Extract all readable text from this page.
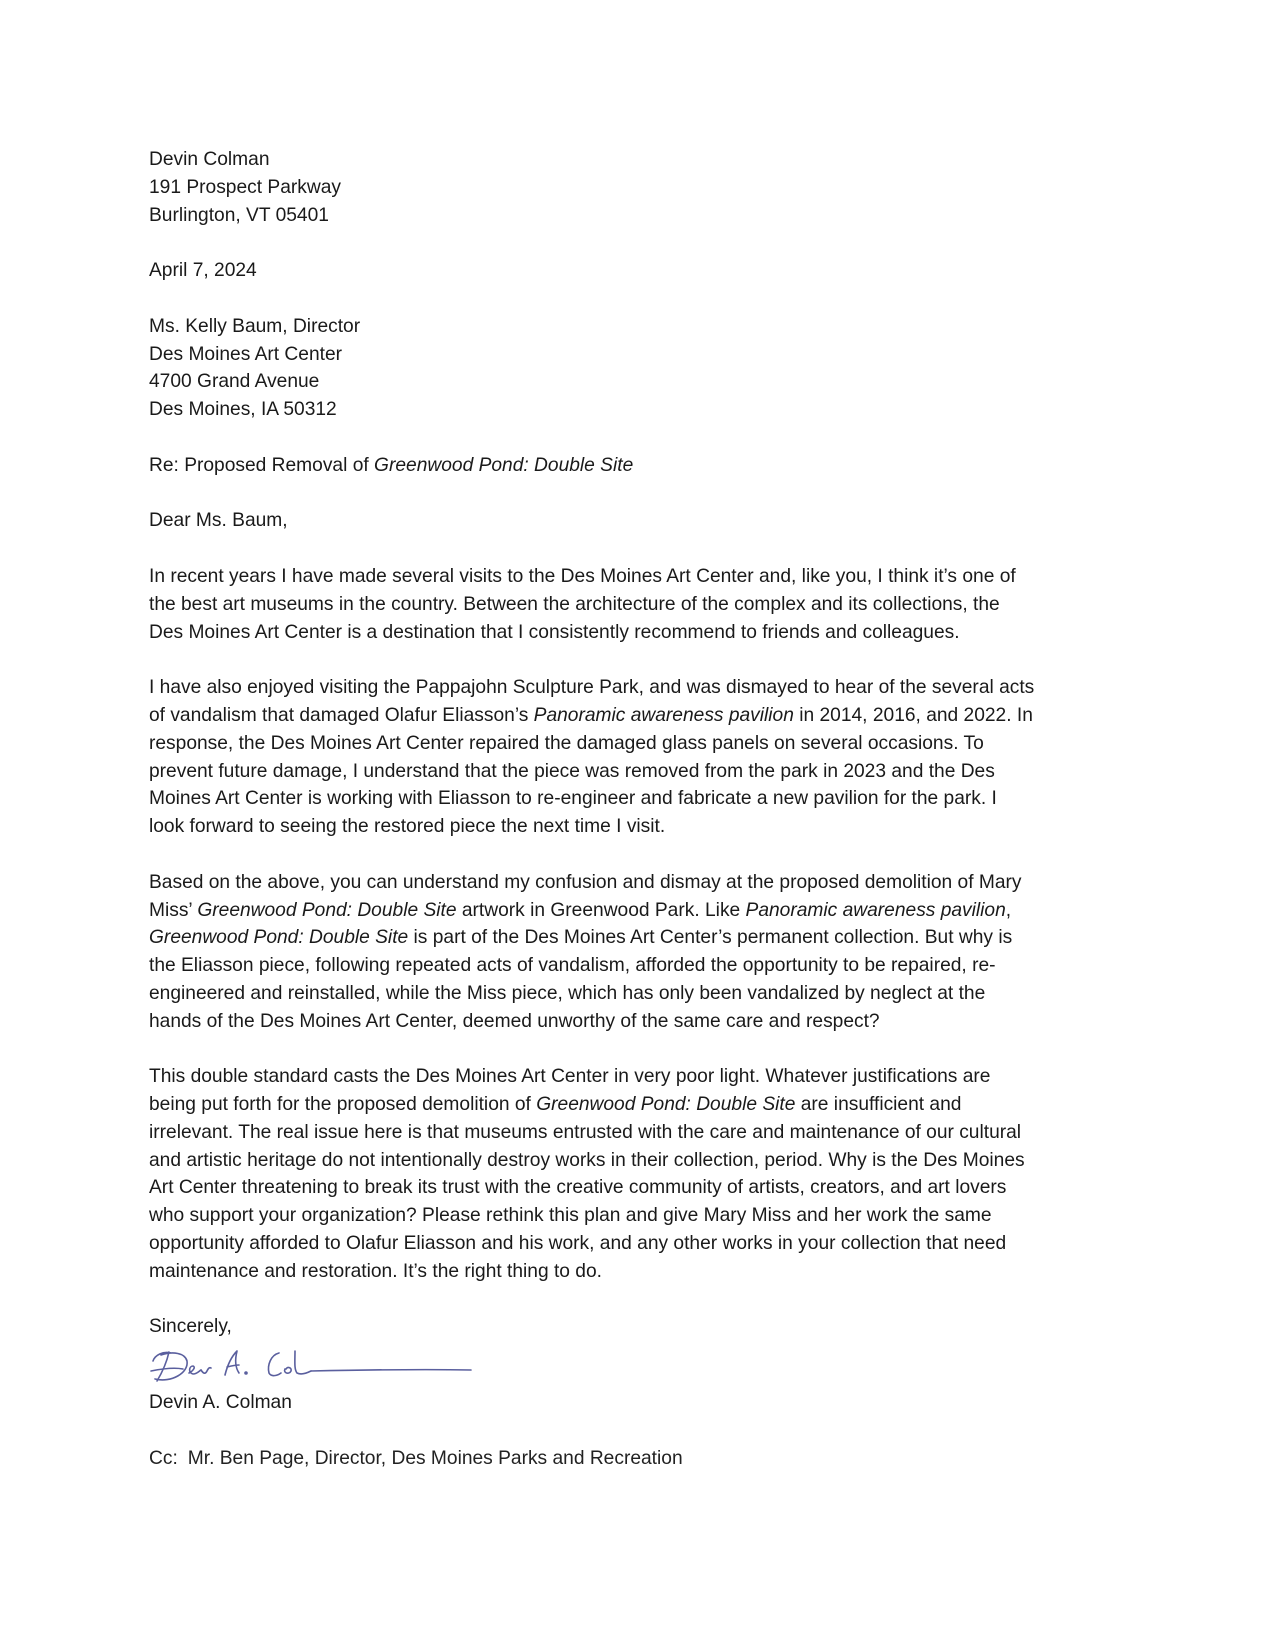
Devin Colman
191 Prospect Parkway
Burlington, VT 05401
April 7, 2024
Ms. Kelly Baum, Director
Des Moines Art Center
4700 Grand Avenue
Des Moines, IA 50312
Re: Proposed Removal of Greenwood Pond: Double Site
Dear Ms. Baum,
In recent years I have made several visits to the Des Moines Art Center and, like you, I think it’s one of
the best art museums in the country. Between the architecture of the complex and its collections, the
Des Moines Art Center is a destination that I consistently recommend to friends and colleagues.
I have also enjoyed visiting the Pappajohn Sculpture Park, and was dismayed to hear of the several acts
of vandalism that damaged Olafur Eliasson’s Panoramic awareness pavilion in 2014, 2016, and 2022. In
response, the Des Moines Art Center repaired the damaged glass panels on several occasions. To
prevent future damage, I understand that the piece was removed from the park in 2023 and the Des
Moines Art Center is working with Eliasson to re-engineer and fabricate a new pavilion for the park. I
look forward to seeing the restored piece the next time I visit.
Based on the above, you can understand my confusion and dismay at the proposed demolition of Mary
Miss’ Greenwood Pond: Double Site artwork in Greenwood Park. Like Panoramic awareness pavilion,
Greenwood Pond: Double Site is part of the Des Moines Art Center’s permanent collection. But why is
the Eliasson piece, following repeated acts of vandalism, afforded the opportunity to be repaired, re-
engineered and reinstalled, while the Miss piece, which has only been vandalized by neglect at the
hands of the Des Moines Art Center, deemed unworthy of the same care and respect?
This double standard casts the Des Moines Art Center in very poor light. Whatever justifications are
being put forth for the proposed demolition of Greenwood Pond: Double Site are insufficient and
irrelevant. The real issue here is that museums entrusted with the care and maintenance of our cultural
and artistic heritage do not intentionally destroy works in their collection, period. Why is the Des Moines
Art Center threatening to break its trust with the creative community of artists, creators, and art lovers
who support your organization? Please rethink this plan and give Mary Miss and her work the same
opportunity afforded to Olafur Eliasson and his work, and any other works in your collection that need
maintenance and restoration. It’s the right thing to do.
Sincerely,
Devin A. Colman
Cc: Mr. Ben Page, Director, Des Moines Parks and Recreation
